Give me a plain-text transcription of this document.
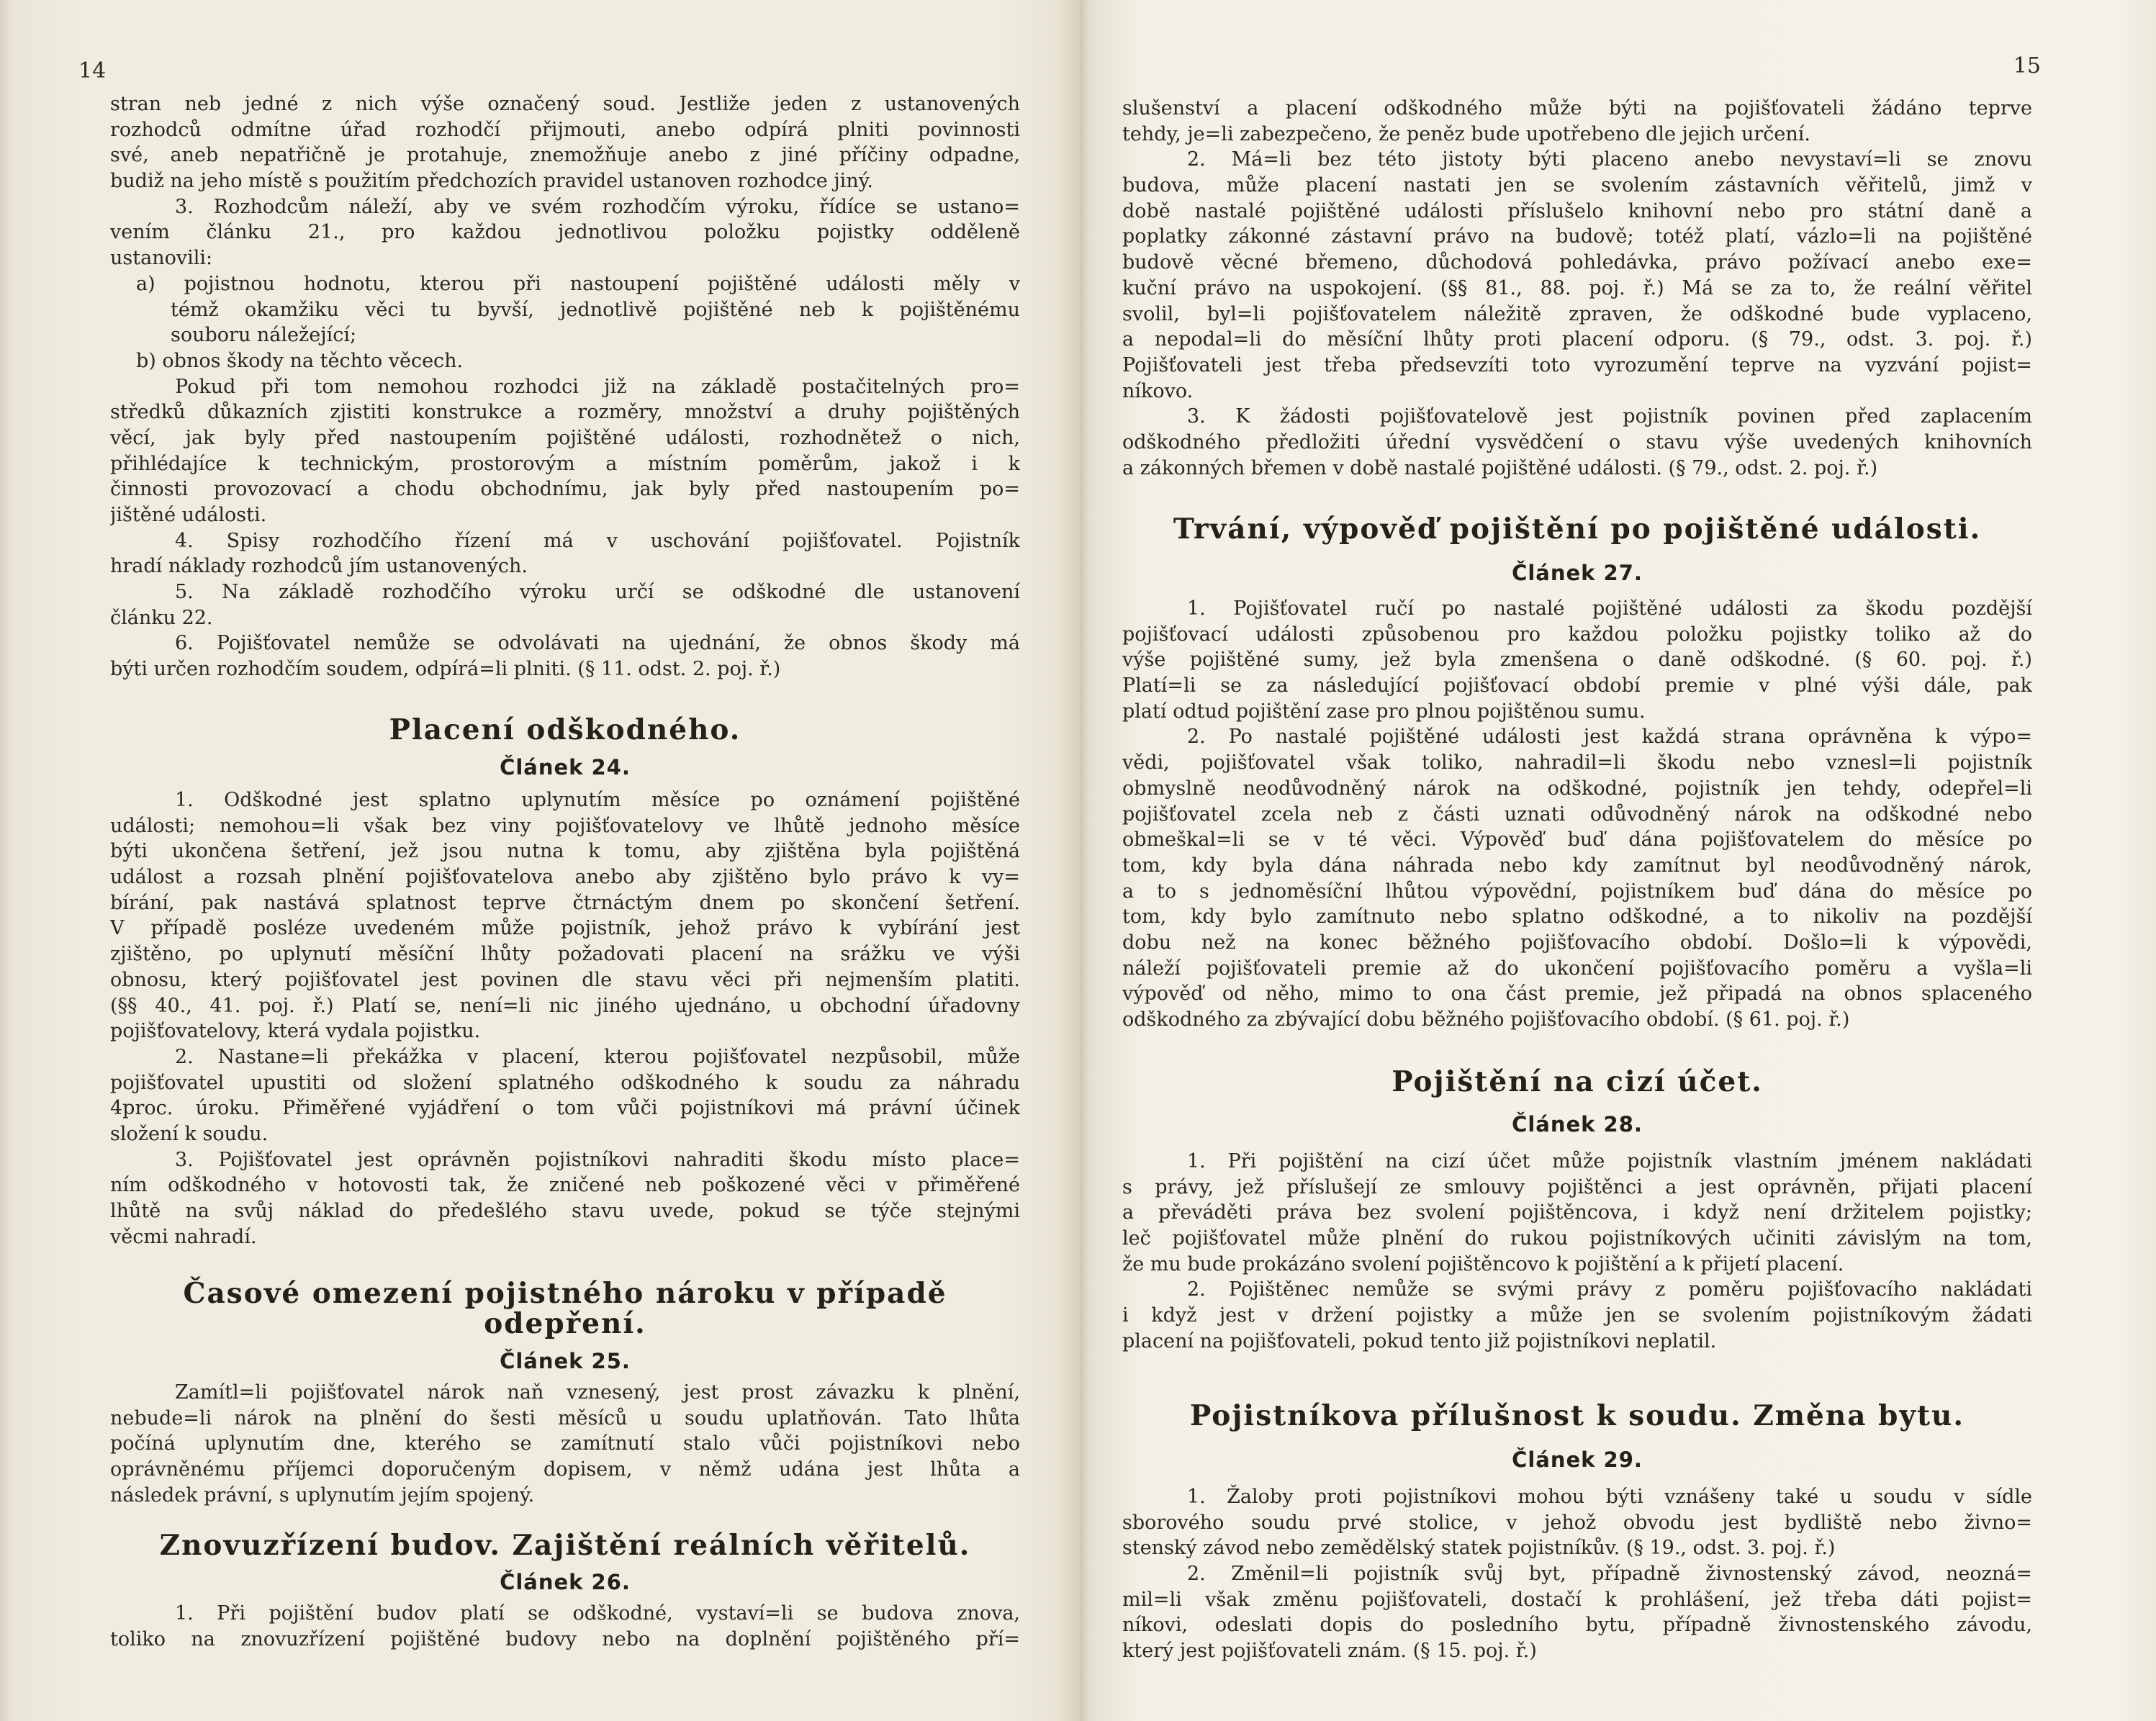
14
stran neb jedné z nich výše označený soud. Jestliže jeden z ustanovených
rozhodců odmítne úřad rozhodčí přijmouti, anebo odpírá plniti povinnosti
své, aneb nepatřičně je protahuje, znemožňuje anebo z jiné příčiny odpadne,
budiž na jeho místě s použitím předchozích pravidel ustanoven rozhodce jiný.
3. Rozhodcům náleží, aby ve svém rozhodčím výroku, řídíce se ustano=
vením článku 21., pro každou jednotlivou položku pojistky odděleně
ustanovili:
a) pojistnou hodnotu, kterou při nastoupení pojištěné události měly v
témž okamžiku věci tu byvší, jednotlivě pojištěné neb k pojištěnému
souboru náležející;
b) obnos škody na těchto věcech.
Pokud při tom nemohou rozhodci již na základě postačitelných pro=
středků důkazních zjistiti konstrukce a rozměry, množství a druhy pojištěných
věcí, jak byly před nastoupením pojištěné události, rozhodnětež o nich,
přihlédajíce k technickým, prostorovým a místním poměrům, jakož i k
činnosti provozovací a chodu obchodnímu, jak byly před nastoupením po=
jištěné události.
4. Spisy rozhodčího řízení má v uschování pojišťovatel. Pojistník
hradí náklady rozhodců jím ustanovených.
5. Na základě rozhodčího výroku určí se odškodné dle ustanovení
článku 22.
6. Pojišťovatel nemůže se odvolávati na ujednání, že obnos škody má
býti určen rozhodčím soudem, odpírá=li plniti. (§ 11. odst. 2. poj. ř.)
Placení odškodného.
Článek 24.
1. Odškodné jest splatno uplynutím měsíce po oznámení pojištěné
události; nemohou=li však bez viny pojišťovatelovy ve lhůtě jednoho měsíce
býti ukončena šetření, jež jsou nutna k tomu, aby zjištěna byla pojištěná
událost a rozsah plnění pojišťovatelova anebo aby zjištěno bylo právo k vy=
bírání, pak nastává splatnost teprve čtrnáctým dnem po skončení šetření.
V případě posléze uvedeném může pojistník, jehož právo k vybírání jest
zjištěno, po uplynutí měsíční lhůty požadovati placení na srážku ve výši
obnosu, který pojišťovatel jest povinen dle stavu věci při nejmenším platiti.
(§§ 40., 41. poj. ř.) Platí se, není=li nic jiného ujednáno, u obchodní úřadovny
pojišťovatelovy, která vydala pojistku.
2. Nastane=li překážka v placení, kterou pojišťovatel nezpůsobil, může
pojišťovatel upustiti od složení splatného odškodného k soudu za náhradu
4proc. úroku. Přiměřené vyjádření o tom vůči pojistníkovi má právní účinek
složení k soudu.
3. Pojišťovatel jest oprávněn pojistníkovi nahraditi škodu místo place=
ním odškodného v hotovosti tak, že zničené neb poškozené věci v přiměřené
lhůtě na svůj náklad do předešlého stavu uvede, pokud se týče stejnými
věcmi nahradí.
Časové omezení pojistného nároku v případě
odepření.
Článek 25.
Zamítl=li pojišťovatel nárok naň vznesený, jest prost závazku k plnění,
nebude=li nárok na plnění do šesti měsíců u soudu uplatňován. Tato lhůta
počíná uplynutím dne, kterého se zamítnutí stalo vůči pojistníkovi nebo
oprávněnému příjemci doporučeným dopisem, v němž udána jest lhůta a
následek právní, s uplynutím jejím spojený.
Znovuzřízení budov. Zajištění reálních věřitelů.
Článek 26.
1. Při pojištění budov platí se odškodné, vystaví=li se budova znova,
toliko na znovuzřízení pojištěné budovy nebo na doplnění pojištěného pří=
15
slušenství a placení odškodného může býti na pojišťovateli žádáno teprve
tehdy, je=li zabezpečeno, že peněz bude upotřebeno dle jejich určení.
2. Má=li bez této jistoty býti placeno anebo nevystaví=li se znovu
budova, může placení nastati jen se svolením zástavních věřitelů, jimž v
době nastalé pojištěné události příslušelo knihovní nebo pro státní daně a
poplatky zákonné zástavní právo na budově; totéž platí, vázlo=li na pojištěné
budově věcné břemeno, důchodová pohledávka, právo požívací anebo exe=
kuční právo na uspokojení. (§§ 81., 88. poj. ř.) Má se za to, že reální věřitel
svolil, byl=li pojišťovatelem náležitě zpraven, že odškodné bude vyplaceno,
a nepodal=li do měsíční lhůty proti placení odporu. (§ 79., odst. 3. poj. ř.)
Pojišťovateli jest třeba předsevzíti toto vyrozumění teprve na vyzvání pojist=
níkovo.
3. K žádosti pojišťovatelově jest pojistník povinen před zaplacením
odškodného předložiti úřední vysvědčení o stavu výše uvedených knihovních
a zákonných břemen v době nastalé pojištěné události. (§ 79., odst. 2. poj. ř.)
Trvání, výpověď pojištění po pojištěné události.
Článek 27.
1. Pojišťovatel ručí po nastalé pojištěné události za škodu pozdější
pojišťovací události způsobenou pro každou položku pojistky toliko až do
výše pojištěné sumy, jež byla zmenšena o daně odškodné. (§ 60. poj. ř.)
Platí=li se za následující pojišťovací období premie v plné výši dále, pak
platí odtud pojištění zase pro plnou pojištěnou sumu.
2. Po nastalé pojištěné události jest každá strana oprávněna k výpo=
vědi, pojišťovatel však toliko, nahradil=li škodu nebo vznesl=li pojistník
obmyslně neodůvodněný nárok na odškodné, pojistník jen tehdy, odepřel=li
pojišťovatel zcela neb z části uznati odůvodněný nárok na odškodné nebo
obmeškal=li se v té věci. Výpověď buď dána pojišťovatelem do měsíce po
tom, kdy byla dána náhrada nebo kdy zamítnut byl neodůvodněný nárok,
a to s jednoměsíční lhůtou výpovědní, pojistníkem buď dána do měsíce po
tom, kdy bylo zamítnuto nebo splatno odškodné, a to nikoliv na pozdější
dobu než na konec běžného pojišťovacího období. Došlo=li k výpovědi,
náleží pojišťovateli premie až do ukončení pojišťovacího poměru a vyšla=li
výpověď od něho, mimo to ona část premie, jež připadá na obnos splaceného
odškodného za zbývající dobu běžného pojišťovacího období. (§ 61. poj. ř.)
Pojištění na cizí účet.
Článek 28.
1. Při pojištění na cizí účet může pojistník vlastním jménem nakládati
s právy, jež příslušejí ze smlouvy pojištěnci a jest oprávněn, přijati placení
a převáděti práva bez svolení pojištěncova, i když není držitelem pojistky;
leč pojišťovatel může plnění do rukou pojistníkových učiniti závislým na tom,
že mu bude prokázáno svolení pojištěncovo k pojištění a k přijetí placení.
2. Pojištěnec nemůže se svými právy z poměru pojišťovacího nakládati
i když jest v držení pojistky a může jen se svolením pojistníkovým žádati
placení na pojišťovateli, pokud tento již pojistníkovi neplatil.
Pojistníkova přílušnost k soudu. Změna bytu.
Článek 29.
1. Žaloby proti pojistníkovi mohou býti vznášeny také u soudu v sídle
sborového soudu prvé stolice, v jehož obvodu jest bydliště nebo živno=
stenský závod nebo zemědělský statek pojistníkův. (§ 19., odst. 3. poj. ř.)
2. Změnil=li pojistník svůj byt, případně živnostenský závod, neozná=
mil=li však změnu pojišťovateli, dostačí k prohlášení, jež třeba dáti pojist=
níkovi, odeslati dopis do posledního bytu, případně živnostenského závodu,
který jest pojišťovateli znám. (§ 15. poj. ř.)
